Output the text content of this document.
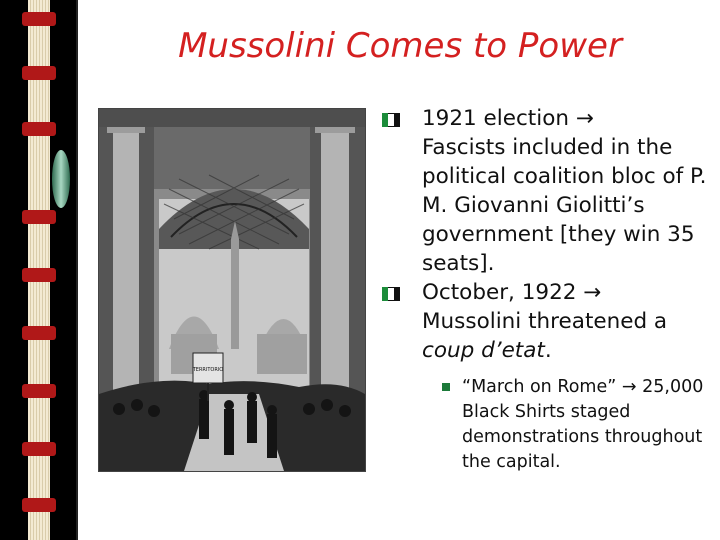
Mussolini Comes to Power
TERRITORIO
1921 election →
Fascists included in the political coalition bloc of P. M. Giovanni Giolitti’s government [they win 35 seats].
October, 1922 →
Mussolini threatened a coup d’etat.
“March on Rome” → 25,000 Black Shirts staged demonstrations throughout the capital.
